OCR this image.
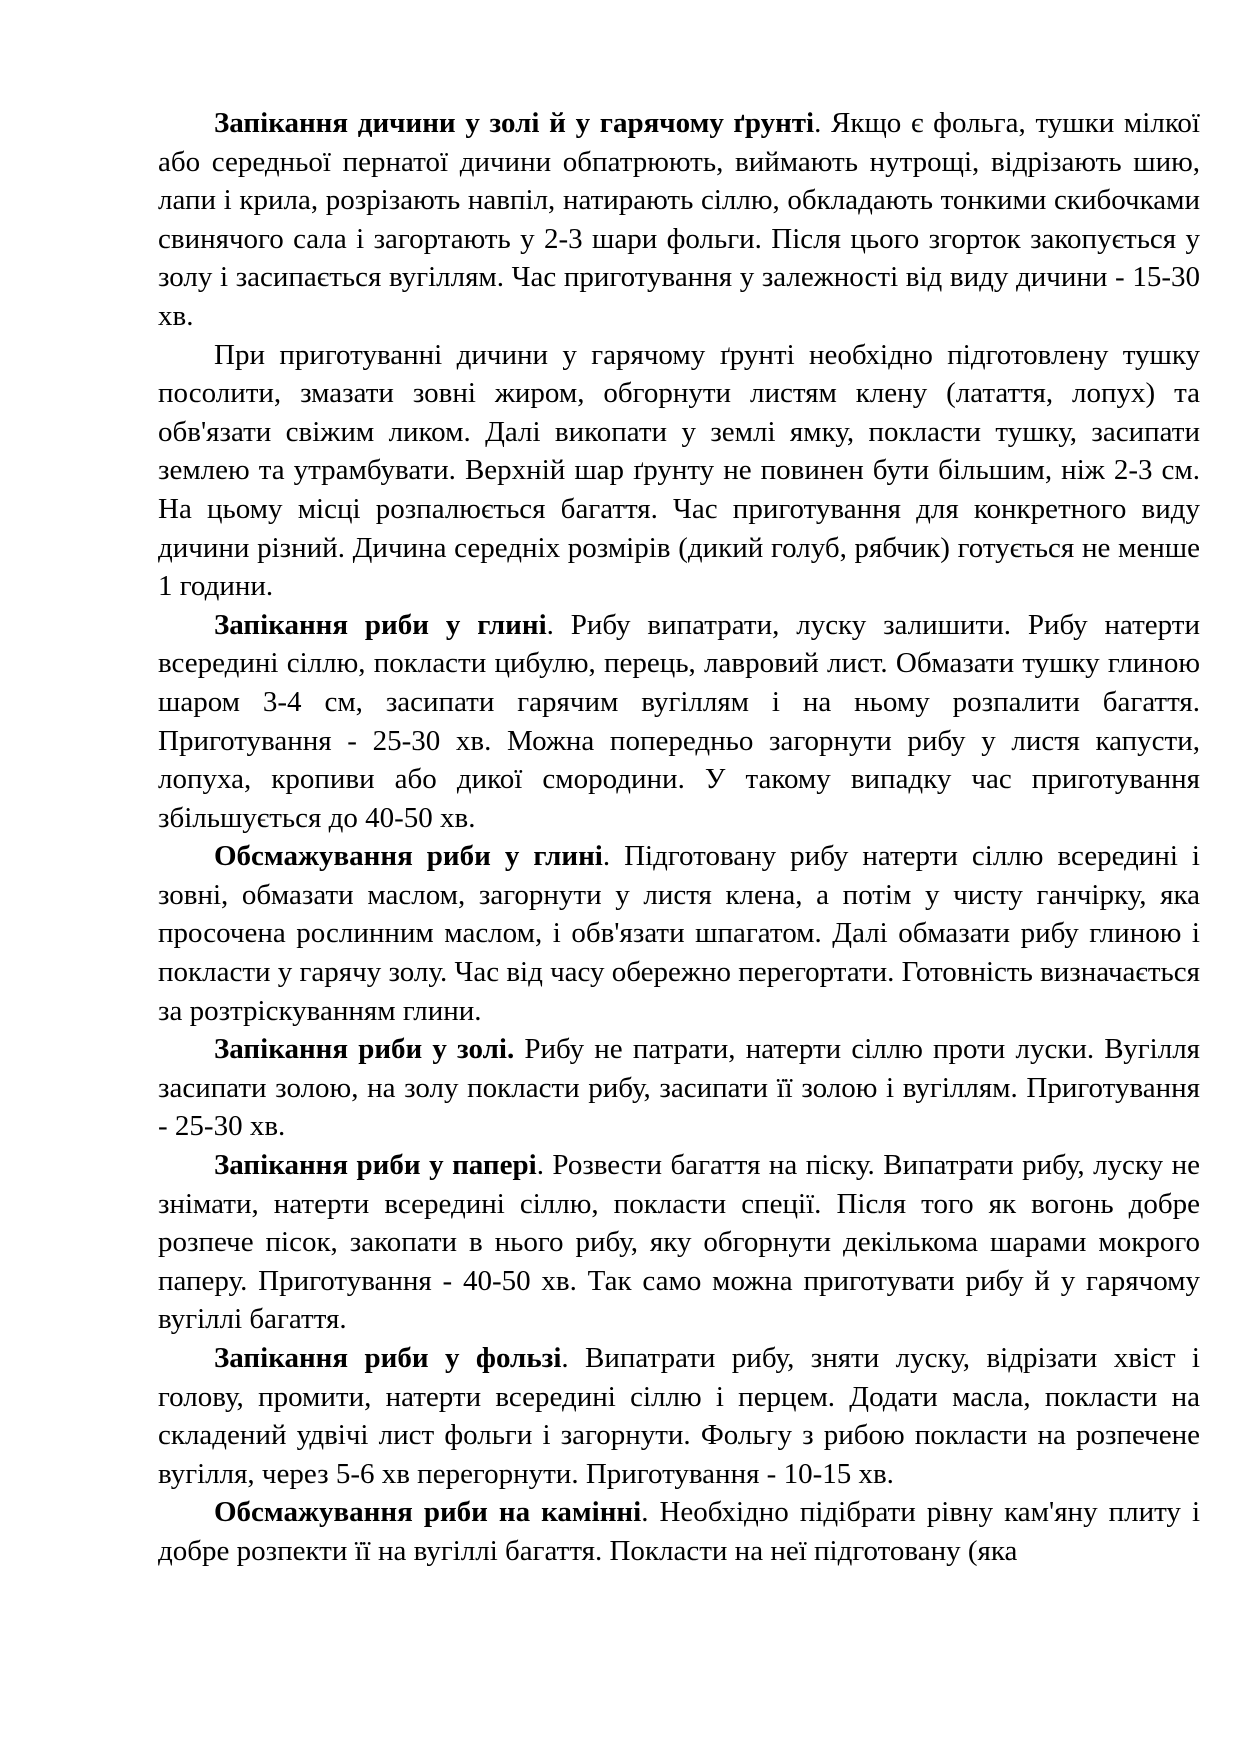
Запікання дичини у золі й у гарячому ґрунті. Якщо є фольга, тушки мілкої або середньої пернатої дичини обпатрюють, виймають нутрощі, відрізають шию, лапи і крила, розрізають навпіл, натирають сіллю, обкладають тонкими скибочками свинячого сала і загортають у 2-3 шари фольги. Після цього згорток закопується у золу і засипається вугіллям. Час приготування у залежності від виду дичини - 15-30 хв.

При приготуванні дичини у гарячому ґрунті необхідно підготовлену тушку посолити, змазати зовні жиром, обгорнути листям клену (латаття, лопух) та обв'язати свіжим ликом. Далі викопати у землі ямку, покласти тушку, засипати землею та утрамбувати. Верхній шар ґрунту не повинен бути більшим, ніж 2-3 см. На цьому місці розпалюється багаття. Час приготування для конкретного виду дичини різний. Дичина середніх розмірів (дикий голуб, рябчик) готується не менше 1 години.

Запікання риби у глині. Рибу випатрати, луску залишити. Рибу натерти всередині сіллю, покласти цибулю, перець, лавровий лист. Обмазати тушку глиною шаром 3-4 см, засипати гарячим вугіллям і на ньому розпалити багаття. Приготування - 25-30 хв. Можна попередньо загорнути рибу у листя капусти, лопуха, кропиви або дикої смородини. У такому випадку час приготування збільшується до 40-50 хв.

Обсмажування риби у глині. Підготовану рибу натерти сіллю всередині і зовні, обмазати маслом, загорнути у листя клена, а потім у чисту ганчірку, яка просочена рослинним маслом, і обв'язати шпагатом. Далі обмазати рибу глиною і покласти у гарячу золу. Час від часу обережно перегортати. Готовність визначається за розтріскуванням глини.

Запікання риби у золі. Рибу не патрати, натерти сіллю проти луски. Вугілля засипати золою, на золу покласти рибу, засипати її золою і вугіллям. Приготування - 25-30 хв.

Запікання риби у папері. Розвести багаття на піску. Випатрати рибу, луску не знімати, натерти всередині сіллю, покласти спеції. Після того як вогонь добре розпече пісок, закопати в нього рибу, яку обгорнути декількома шарами мокрого паперу. Приготування - 40-50 хв. Так само можна приготувати рибу й у гарячому вугіллі багаття.

Запікання риби у фользі. Випатрати рибу, зняти луску, відрізати хвіст і голову, промити, натерти всередині сіллю і перцем. Додати масла, покласти на складений удвічі лист фольги і загорнути. Фольгу з рибою покласти на розпечене вугілля, через 5-6 хв перегорнути. Приготування - 10-15 хв.

Обсмажування риби на камінні. Необхідно підібрати рівну кам'яну плиту і добре розпекти її на вугіллі багаття. Покласти на неї підготовану (яка
